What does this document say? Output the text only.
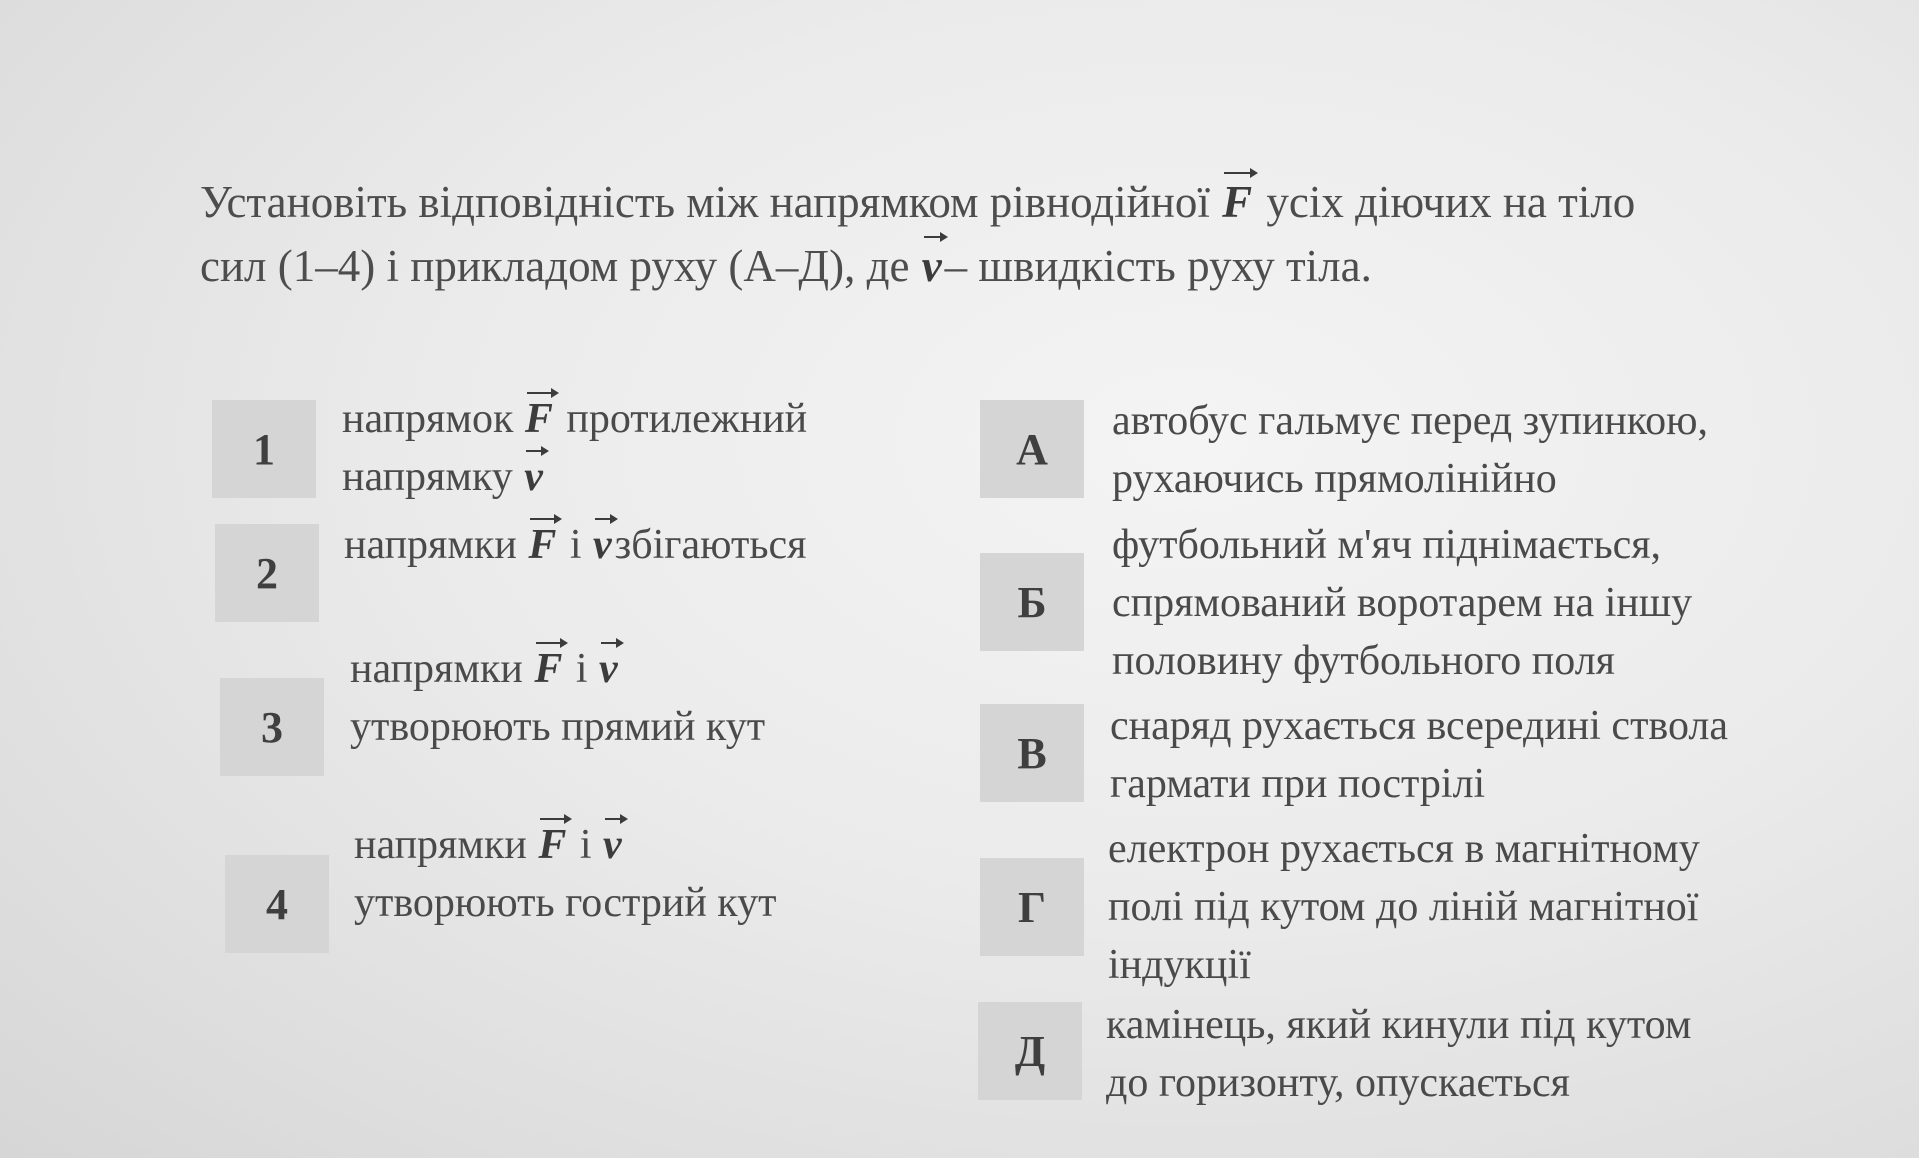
Установіть відповідність між напрямком рівнодійної F усіх діючих на тіло

сил (1–4) і прикладом руху (А–Д), де v– швидкість руху тіла.

1
2
3
4

напрямок F протилежний

напрямку v

напрямки F і vзбігаються

напрямки F і v

утворюють прямий кут

напрямки F і v

утворюють гострий кут

А
Б
В
Г
Д

автобус гальмує перед зупинкою,

рухаючись прямолінійно

футбольний м'яч піднімається,

спрямований воротарем на іншу

половину футбольного поля

снаряд рухається всередині ствола

гармати при пострілі

електрон рухається в магнітному

полі під кутом до ліній магнітної

індукції

камінець, який кинули під кутом

до горизонту, опускається
